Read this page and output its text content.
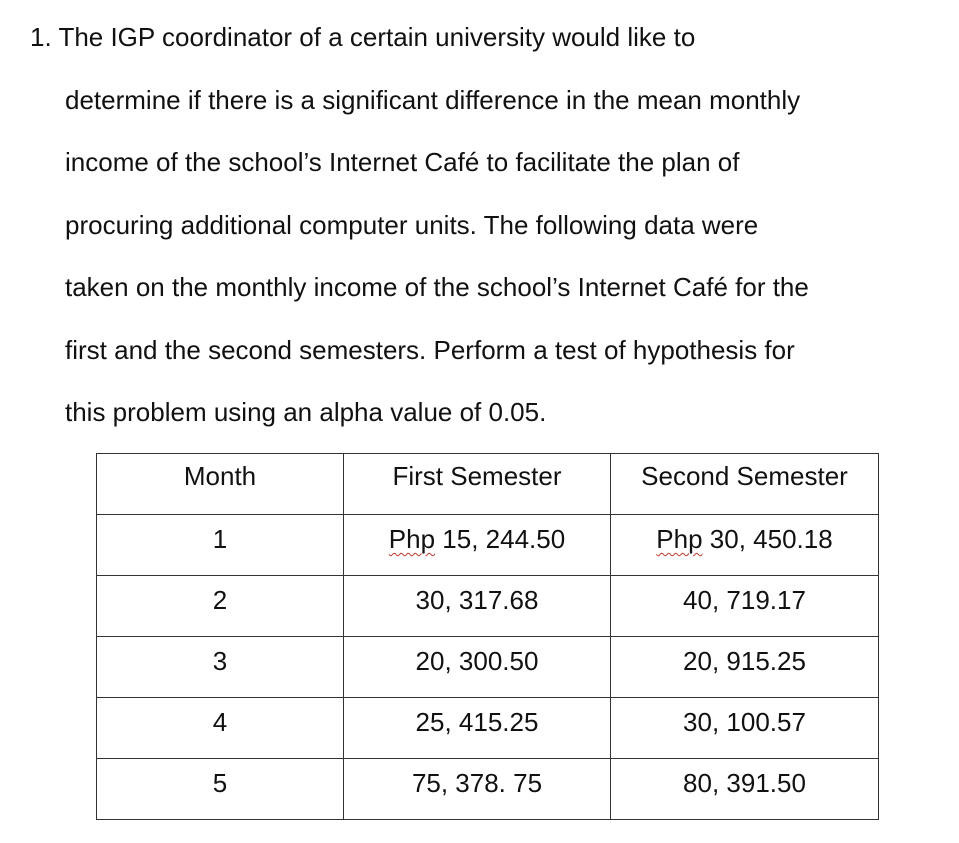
1. The IGP coordinator of a certain university would like to
determine if there is a significant difference in the mean monthly
income of the school’s Internet Café to facilitate the plan of
procuring additional computer units. The following data were
taken on the monthly income of the school’s Internet Café for the
first and the second semesters. Perform a test of hypothesis for
this problem using an alpha value of 0.05.
Month	First Semester	Second Semester
1	Php 15, 244.50	Php 30, 450.18
2	30, 317.68	40, 719.17
3	20, 300.50	20, 915.25
4	25, 415.25	30, 100.57
5	75, 378. 75	80, 391.50
